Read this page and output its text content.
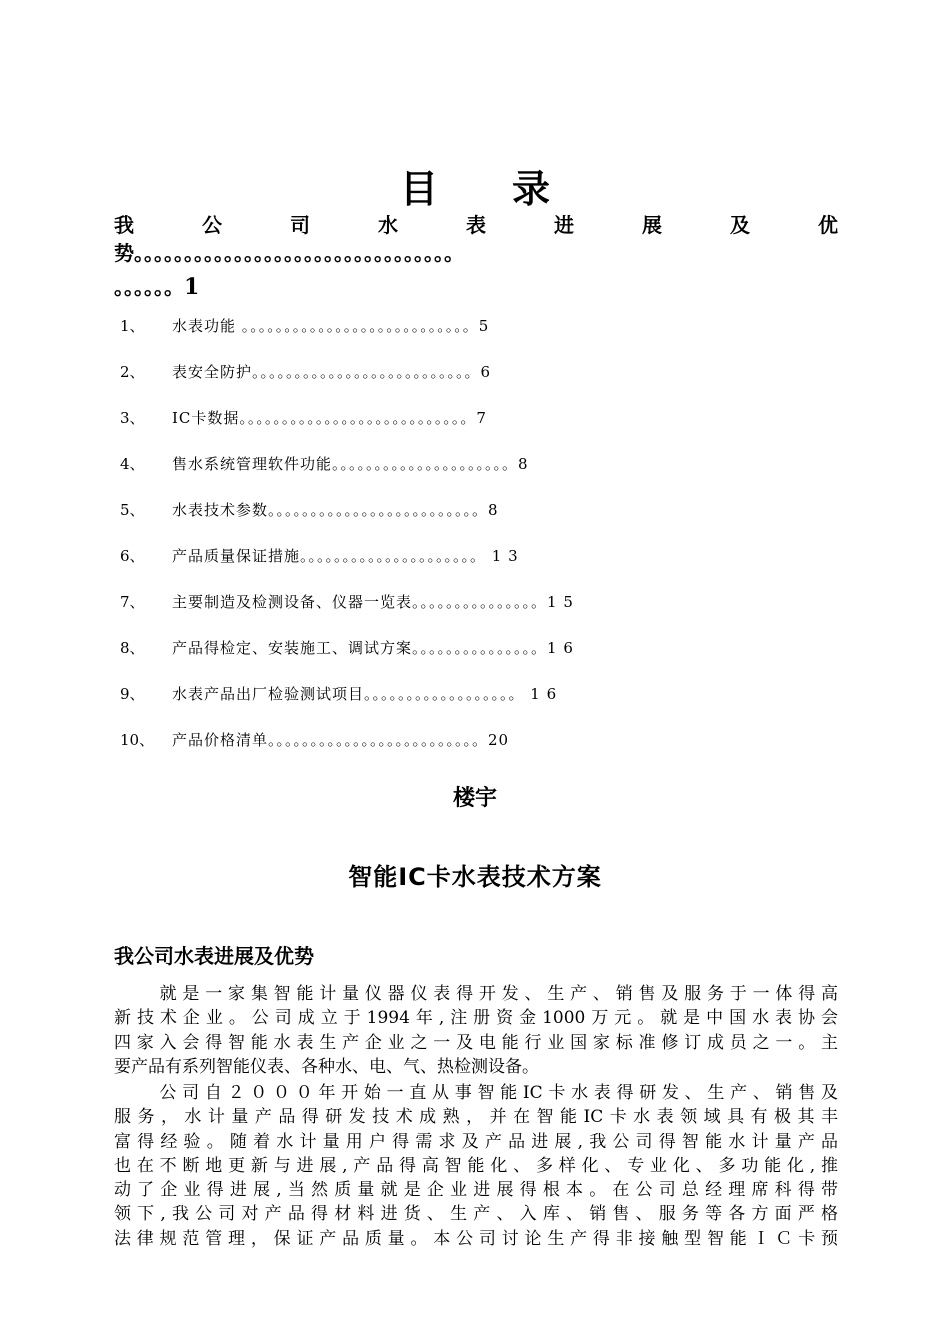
目录
我	公	司	水	表	进	展	及	优
势。。。。。。。。。。。。。。。。。。。。。。。。。。。。。。。。
。。。。。。1
1、 水表功能 。。。。。。。。。。。。。。。。。。。。。。。。。。。5
2、 表安全防护。。。。。。。。。。。。。。。。。。。。。。。。。。6
3、 IC卡数据。。。。。。。。。。。。。。。。。。。。。。。。。。。7
4、 售水系统管理软件功能。。。。。。。。。。。。。。。。。。。。。8
5、 水表技术参数。。。。。。。。。。。。。。。。。。。。。。。。。8
6、 产品质量保证措施。。。。。。。。。。。。。。。。。。。。。 1 3
7、 主要制造及检测设备、仪器一览表。。。。。。。。。。。。。。。1 5
8、 产品得检定、安装施工、调试方案。。。。。。。。。。。。。。。1 6
9、 水表产品出厂检验测试项目。。。。。。。。。。。。。。。。。。 1 6
10、 产品价格清单。。。。。。。。。。。。。。。。。。。。。。。。。20
楼宇
智能IC卡水表技术方案
我公司水表进展及优势
　　就是一家集智能计量仪器仪表得开发、生产、销售及服务于一体得高
新技术企业。公司成立于1994年,注册资金1000万元。就是中国水表协会
四家入会得智能水表生产企业之一及电能行业国家标准修订成员之一。主
要产品有系列智能仪表、各种水、电、气、热检测设备。
　　公司自２０００年开始一直从事智能IC卡水表得研发、生产、销售及
服务，水计量产品得研发技术成熟，并在智能IC卡水表领域具有极其丰
富得经验。随着水计量用户得需求及产品进展,我公司得智能水计量产品
也在不断地更新与进展,产品得高智能化、多样化、专业化、多功能化,推
动了企业得进展,当然质量就是企业进展得根本。在公司总经理席科得带
领下,我公司对产品得材料进货、生产、入库、销售、服务等各方面严格
法律规范管理，保证产品质量。本公司讨论生产得非接触型智能ＩＣ卡预
